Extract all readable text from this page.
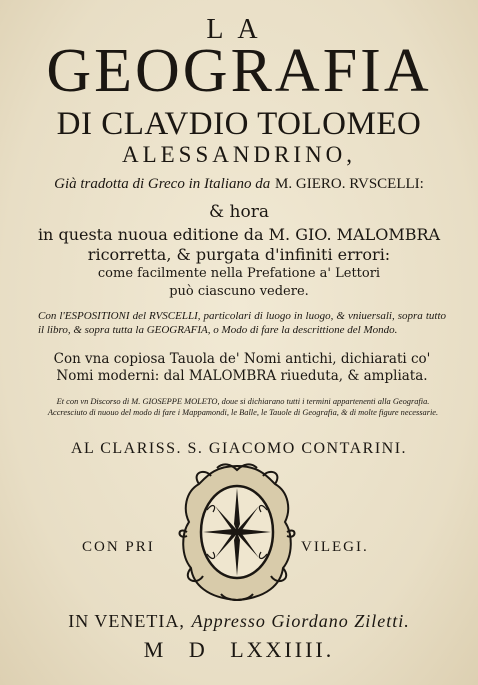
LA
GEOGRAFIA
DI CLAVDIO TOLOMEO
ALESSANDRINO,
Già tradotta di Greco in Italiano da M. GIERO. RVSCELLI:
& hora
in questa nuoua editione da M. GIO. MALOMBRA
ricorretta, & purgata d'infiniti errori:
come facilmente nella Prefatione a' Lettori
può ciascuno vedere.
Con l'ESPOSITIONI del RVSCELLI, particolari di luogo in luogo, & vniuersali, sopra tutto il libro, & sopra tutta la GEOGRAFIA, o Modo di fare la descrittione del Mondo.
Con vna copiosa Tauola de' Nomi antichi, dichiarati co' Nomi moderni: dal MALOMBRA riueduta, & ampliata.
Et con vn Discorso di M. GIOSEPPE MOLETO, doue si dichiarano tutti i termini appartenenti alla Geografia. Accresciuto di nuouo del modo di fare i Mappamondi, le Balle, le Tauole di Geografia, & di molte figure necessarie.
AL CLARISS. S. GIACOMO CONTARINI.
CON PRI	VILEGI.
IN VENETIA, Appresso Giordano Ziletti.
M D LXXIIII.
